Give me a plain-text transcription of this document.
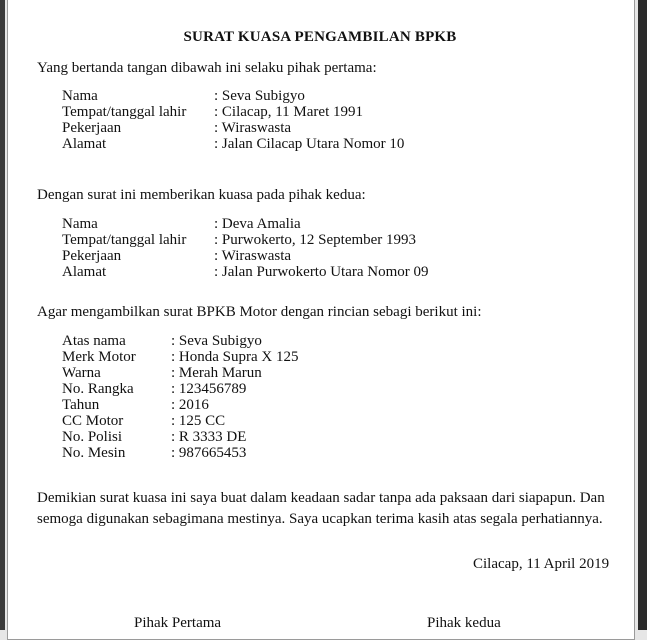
SURAT KUASA PENGAMBILAN BPKB
Yang bertanda tangan dibawah ini selaku pihak pertama:
Nama	: Seva Subigyo
Tempat/tanggal lahir	: Cilacap, 11 Maret 1991
Pekerjaan	: Wiraswasta
Alamat	: Jalan Cilacap Utara Nomor 10
Dengan surat ini memberikan kuasa pada pihak kedua:
Nama	: Deva Amalia
Tempat/tanggal lahir	: Purwokerto, 12 September 1993
Pekerjaan	: Wiraswasta
Alamat	: Jalan Purwokerto Utara Nomor 09
Agar mengambilkan surat BPKB Motor dengan rincian sebagi berikut ini:
Atas nama	: Seva Subigyo
Merk Motor	: Honda Supra X 125
Warna	: Merah Marun
No. Rangka	: 123456789
Tahun	: 2016
CC Motor	: 125 CC
No. Polisi	: R 3333 DE
No. Mesin	: 987665453
Demikian surat kuasa ini saya buat dalam keadaan sadar tanpa ada paksaan dari siapapun. Dan semoga digunakan sebagimana mestinya. Saya ucapkan terima kasih atas segala perhatiannya.
Cilacap, 11 April 2019
Pihak Pertama	Pihak kedua
